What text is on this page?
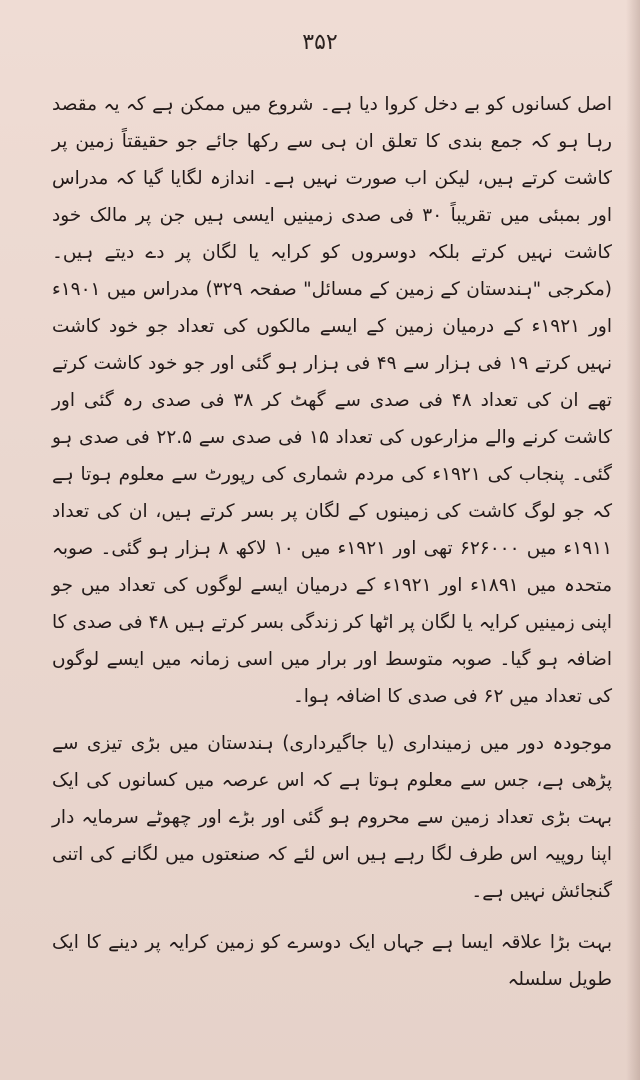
۳۵۲

اصل کسانوں کو بے دخل کروا دیا ہے۔ شروع میں ممکن ہے کہ یہ مقصد رہا ہو کہ جمع بندی کا تعلق ان ہی سے رکھا جائے جو حقیقتاً زمین پر کاشت کرتے ہیں، لیکن اب صورت نہیں ہے۔ اندازہ لگایا گیا کہ مدراس اور بمبئی میں تقریباً ۳۰ فی صدی زمینیں ایسی ہیں جن پر مالک خود کاشت نہیں کرتے بلکہ دوسروں کو کرایہ یا لگان پر دے دیتے ہیں۔ (مکرجی "ہندستان کے زمین کے مسائل" صفحہ ۳۲۹) مدراس میں ۱۹۰۱ء اور ۱۹۲۱ء کے درمیان زمین کے ایسے مالکوں کی تعداد جو خود کاشت نہیں کرتے ۱۹ فی ہزار سے ۴۹ فی ہزار ہو گئی اور جو خود کاشت کرتے تھے ان کی تعداد ۴۸ فی صدی سے گھٹ کر ۳۸ فی صدی رہ گئی اور کاشت کرنے والے مزارعوں کی تعداد ۱۵ فی صدی سے ۲۲.۵ فی صدی ہو گئی۔ پنجاب کی ۱۹۲۱ء کی مردم شماری کی رپورٹ سے معلوم ہوتا ہے کہ جو لوگ کاشت کی زمینوں کے لگان پر بسر کرتے ہیں، ان کی تعداد ۱۹۱۱ء میں ۶۲۶۰۰۰ تھی اور ۱۹۲۱ء میں ۱۰ لاکھ ۸ ہزار ہو گئی۔ صوبہ متحدہ میں ۱۸۹۱ء اور ۱۹۲۱ء کے درمیان ایسے لوگوں کی تعداد میں جو اپنی زمینیں کرایہ یا لگان پر اٹھا کر زندگی بسر کرتے ہیں ۴۸ فی صدی کا اضافہ ہو گیا۔ صوبہ متوسط اور برار میں اسی زمانہ میں ایسے لوگوں کی تعداد میں ۶۲ فی صدی کا اضافہ ہوا۔

موجودہ دور میں زمینداری (یا جاگیرداری) ہندستان میں بڑی تیزی سے پڑھی ہے، جس سے معلوم ہوتا ہے کہ اس عرصہ میں کسانوں کی ایک بہت بڑی تعداد زمین سے محروم ہو گئی اور بڑے اور چھوٹے سرمایہ دار اپنا روپیہ اس طرف لگا رہے ہیں اس لئے کہ صنعتوں میں لگانے کی اتنی گنجائش نہیں ہے۔

بہت بڑا علاقہ ایسا ہے جہاں ایک دوسرے کو زمین کرایہ پر دینے کا ایک طویل سلسلہ
